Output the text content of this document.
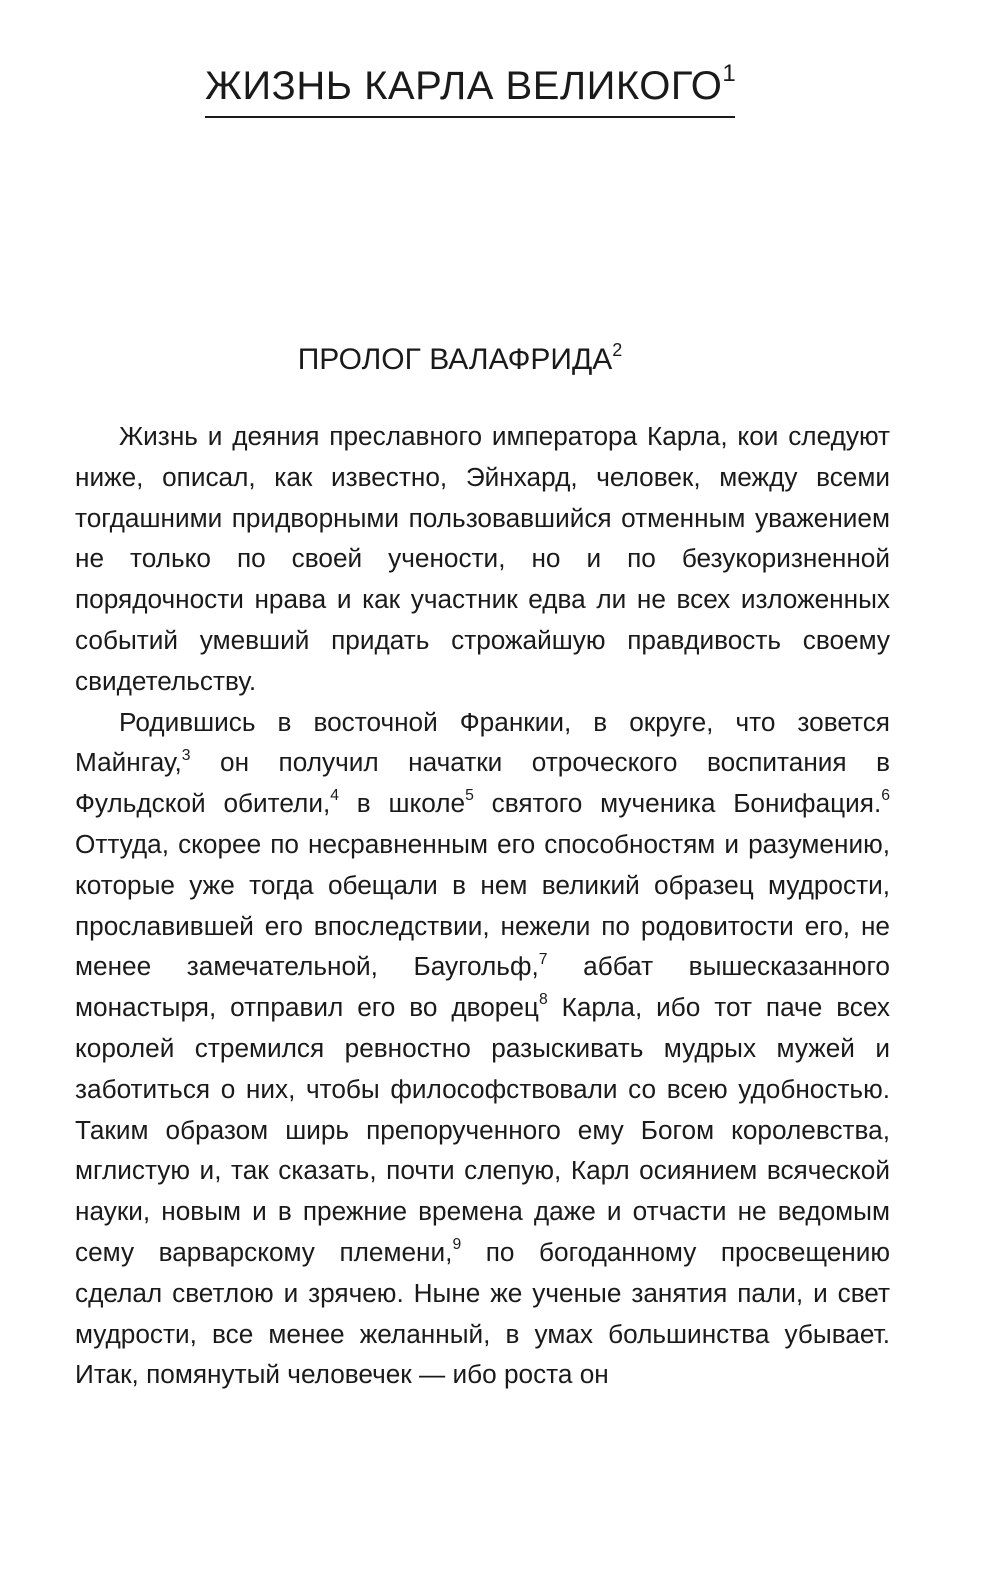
ЖИЗНЬ КАРЛА ВЕЛИКОГО$^1$
ПРОЛОГ ВАЛАФРИДА$^2$

Жизнь и деяния преславного императора Карла, кои следуют ниже, описал, как известно, Эйнхард, человек, между всеми тогдашними придворными пользовавшийся отменным уважением не только по своей учености, но и по безукоризненной порядочности нрава и как участник едва ли не всех изложенных событий умевший придать строжайшую правдивость своему свидетельству.

Родившись в восточной Франкии, в округе, что зовется Майнгау,$^3$ он получил начатки отроческого воспитания в Фульдской обители,$^4$ в школе$^5$ святого мученика Бонифация.$^6$ Оттуда, скорее по несравненным его способностям и разумению, которые уже тогда обещали в нем великий образец мудрости, прославившей его впоследствии, нежели по родовитости его, не менее замечательной, Баугольф,$^7$ аббат вышесказанного монастыря, отправил его во дворец$^8$ Карла, ибо тот паче всех королей стремился ревностно разыскивать мудрых мужей и заботиться о них, чтобы философствовали со всею удобностью. Таким образом ширь препорученного ему Богом королевства, мглистую и, так сказать, почти слепую, Карл осиянием всяческой науки, новым и в прежние времена даже и отчасти не ведомым сему варварскому племени,$^9$ по богоданному просвещению сделал светлою и зрячею. Ныне же ученые занятия пали, и свет мудрости, все менее желанный, в умах большинства убывает. Итак, помянутый человечек — ибо роста он
